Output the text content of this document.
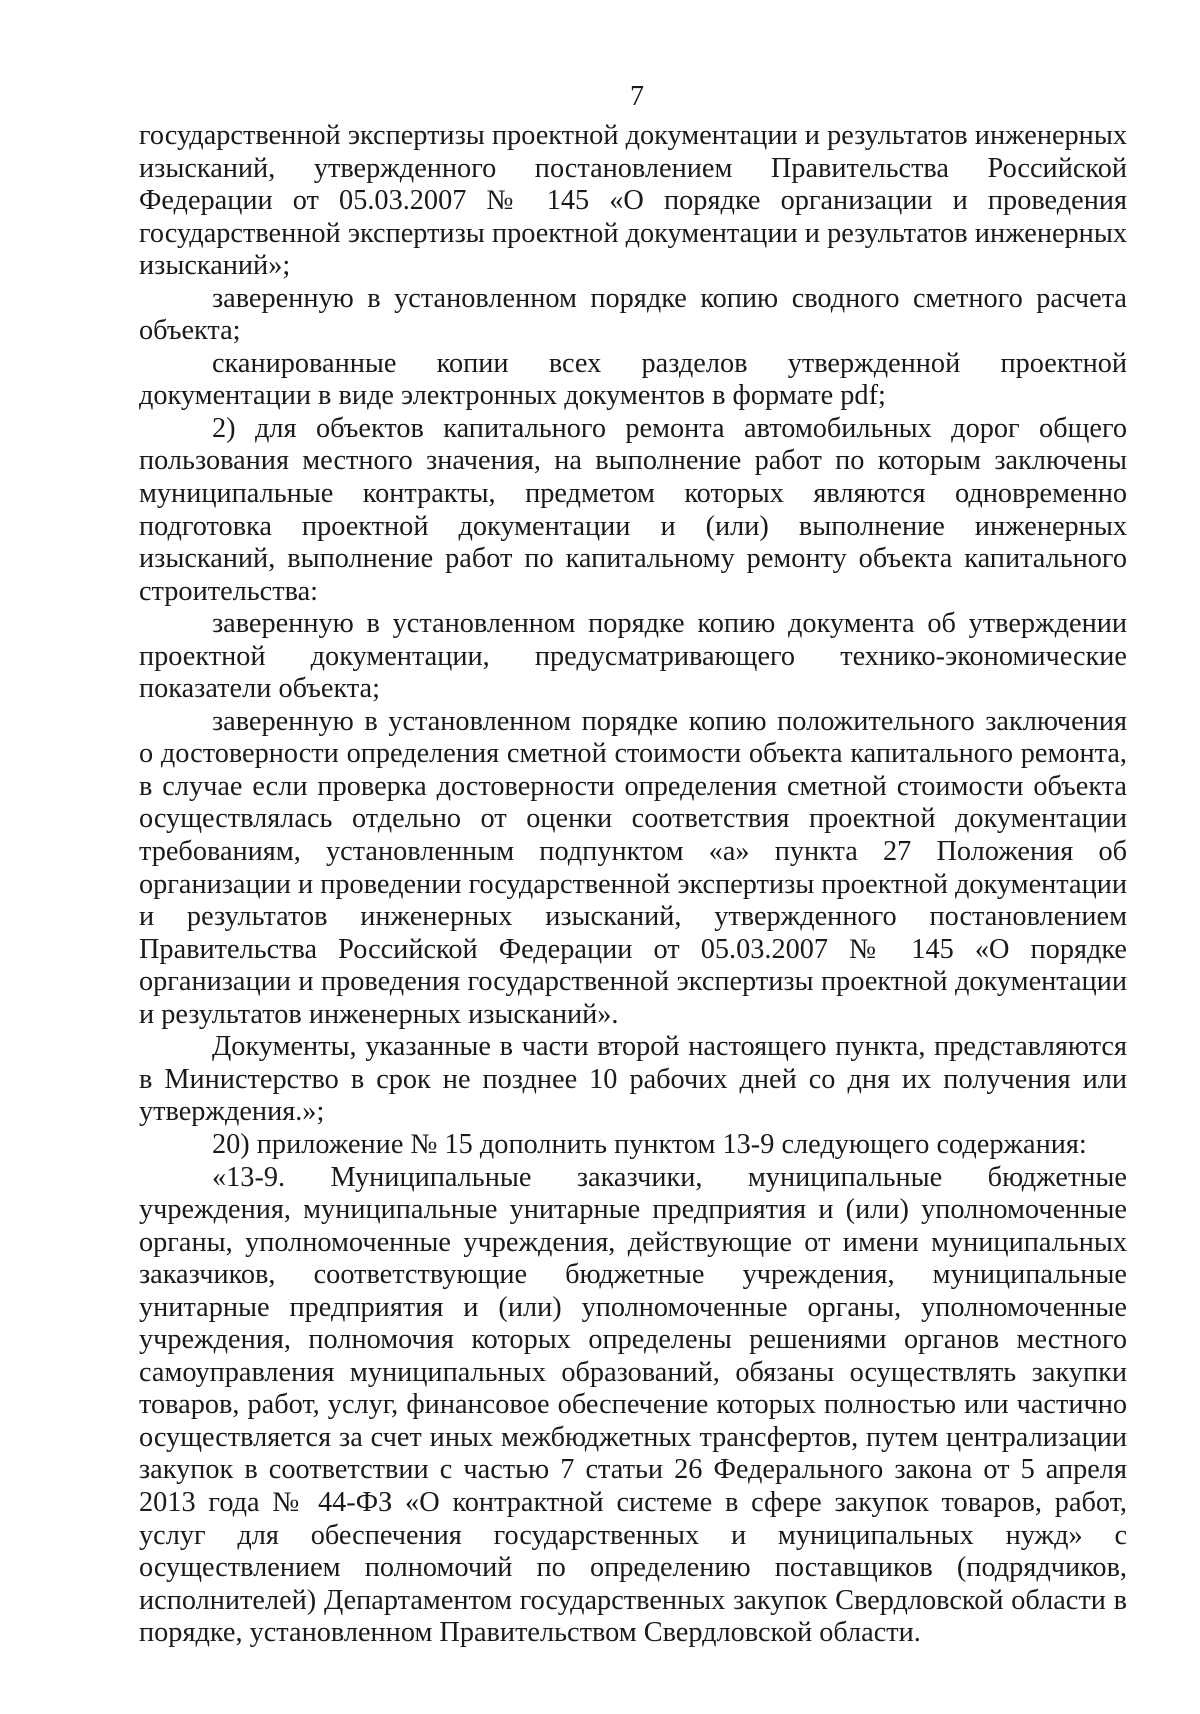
7

государственной экспертизы проектной документации и результатов инженерных изысканий, утвержденного постановлением Правительства Российской Федерации от 05.03.2007 № 145 «О порядке организации и проведения государственной экспертизы проектной документации и результатов инженерных изысканий»;

заверенную в установленном порядке копию сводного сметного расчета объекта;

сканированные копии всех разделов утвержденной проектной документации в виде электронных документов в формате pdf;

2) для объектов капитального ремонта автомобильных дорог общего пользования местного значения, на выполнение работ по которым заключены муниципальные контракты, предметом которых являются одновременно подготовка проектной документации и (или) выполнение инженерных изысканий, выполнение работ по капитальному ремонту объекта капитального строительства:

заверенную в установленном порядке копию документа об утверждении проектной документации, предусматривающего технико-экономические показатели объекта;

заверенную в установленном порядке копию положительного заключения о достоверности определения сметной стоимости объекта капитального ремонта, в случае если проверка достоверности определения сметной стоимости объекта осуществлялась отдельно от оценки соответствия проектной документации требованиям, установленным подпунктом «а» пункта 27 Положения об организации и проведении государственной экспертизы проектной документации и результатов инженерных изысканий, утвержденного постановлением Правительства Российской Федерации от 05.03.2007 № 145 «О порядке организации и проведения государственной экспертизы проектной документации и результатов инженерных изысканий».

Документы, указанные в части второй настоящего пункта, представляются в Министерство в срок не позднее 10 рабочих дней со дня их получения или утверждения.»;

20) приложение № 15 дополнить пунктом 13-9 следующего содержания:

«13-9. Муниципальные заказчики, муниципальные бюджетные учреждения, муниципальные унитарные предприятия и (или) уполномоченные органы, уполномоченные учреждения, действующие от имени муниципальных заказчиков, соответствующие бюджетные учреждения, муниципальные унитарные предприятия и (или) уполномоченные органы, уполномоченные учреждения, полномочия которых определены решениями органов местного самоуправления муниципальных образований, обязаны осуществлять закупки товаров, работ, услуг, финансовое обеспечение которых полностью или частично осуществляется за счет иных межбюджетных трансфертов, путем централизации закупок в соответствии с частью 7 статьи 26 Федерального закона от 5 апреля 2013 года № 44-ФЗ «О контрактной системе в сфере закупок товаров, работ, услуг для обеспечения государственных и муниципальных нужд» с осуществлением полномочий по определению поставщиков (подрядчиков, исполнителей) Департаментом государственных закупок Свердловской области в порядке, установленном Правительством Свердловской области.
